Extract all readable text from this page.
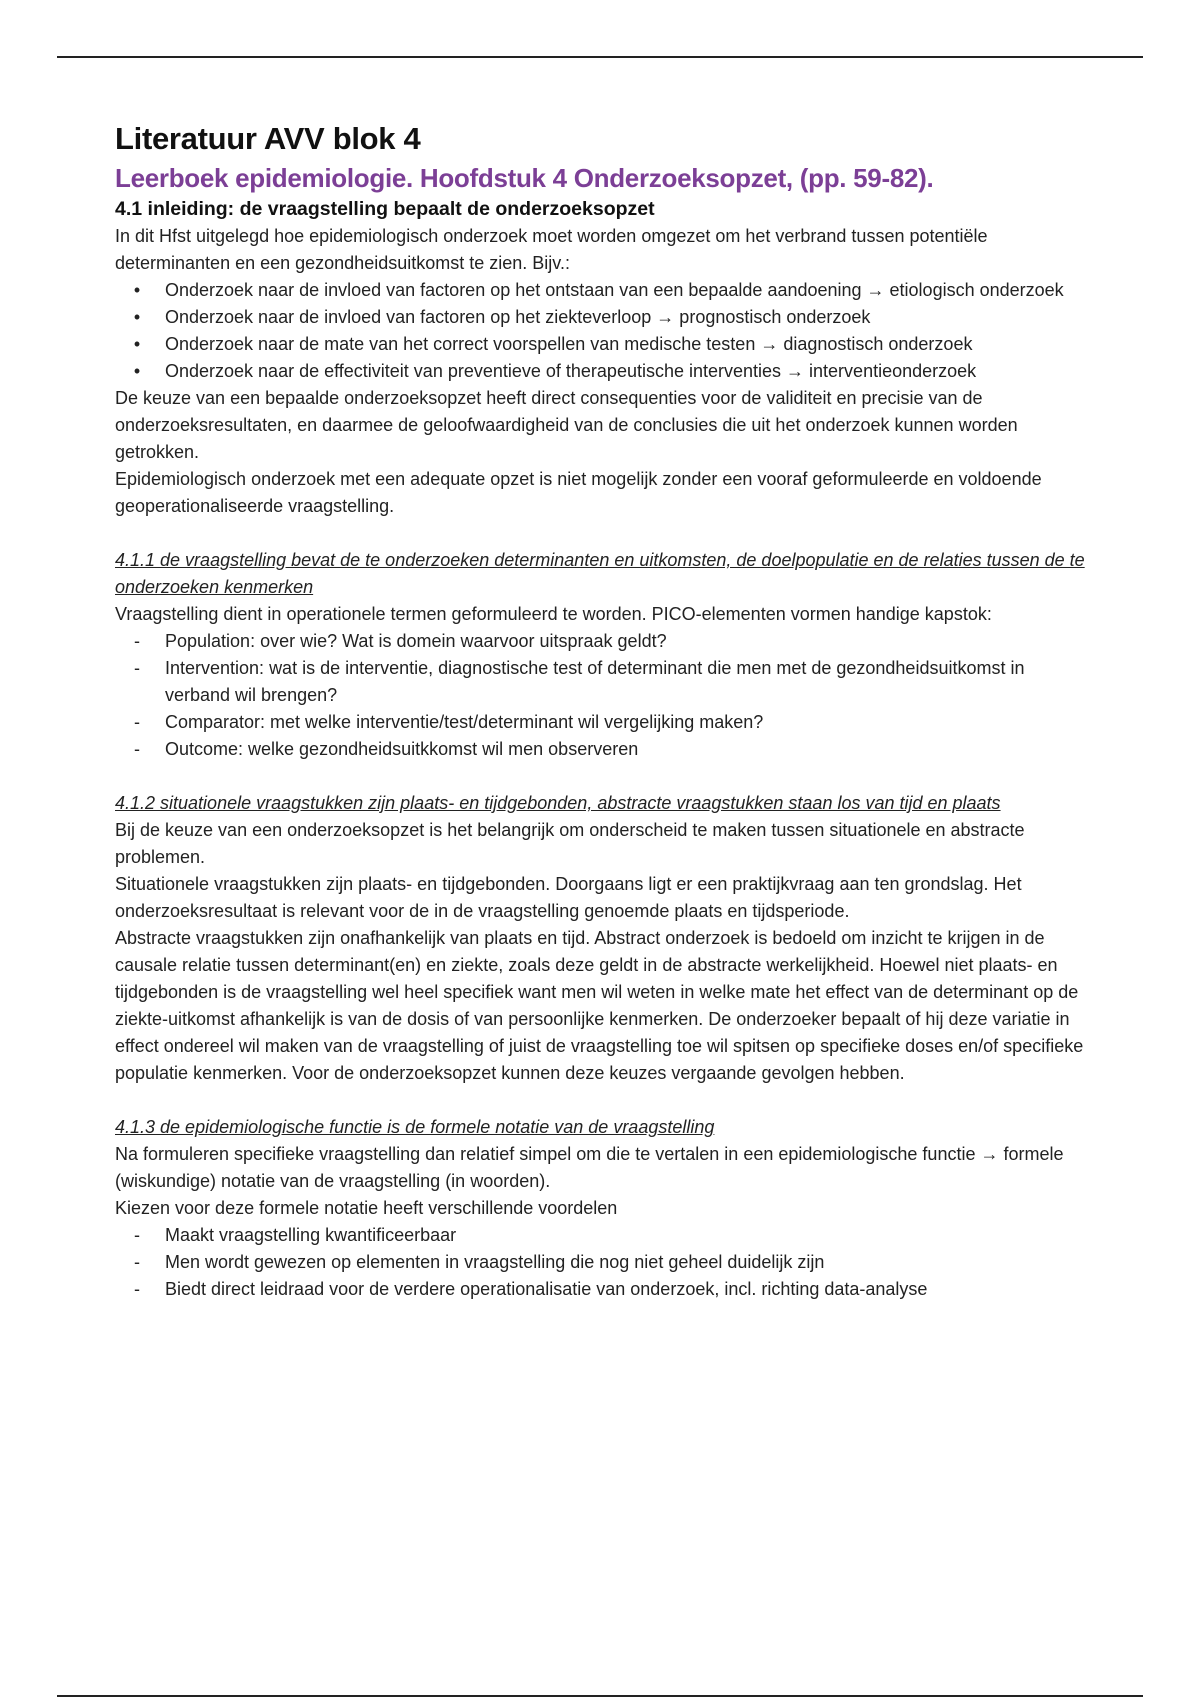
Literatuur AVV blok 4
Leerboek epidemiologie. Hoofdstuk 4 Onderzoeksopzet, (pp. 59-82).
4.1 inleiding: de vraagstelling bepaalt de onderzoeksopzet

In dit Hfst uitgelegd hoe epidemiologisch onderzoek moet worden omgezet om het verbrand tussen potentiële determinanten en een gezondheidsuitkomst te zien. Bijv.:

•	Onderzoek naar de invloed van factoren op het ontstaan van een bepaalde aandoening → etiologisch onderzoek
•	Onderzoek naar de invloed van factoren op het ziekteverloop → prognostisch onderzoek
•	Onderzoek naar de mate van het correct voorspellen van medische testen → diagnostisch onderzoek
•	Onderzoek naar de effectiviteit van preventieve of therapeutische interventies → interventieonderzoek

De keuze van een bepaalde onderzoeksopzet heeft direct consequenties voor de validiteit en precisie van de onderzoeksresultaten, en daarmee de geloofwaardigheid van de conclusies die uit het onderzoek kunnen worden getrokken.

Epidemiologisch onderzoek met een adequate opzet is niet mogelijk zonder een vooraf geformuleerde en voldoende geoperationaliseerde vraagstelling.

4.1.1 de vraagstelling bevat de te onderzoeken determinanten en uitkomsten, de doelpopulatie en de relaties tussen de te onderzoeken kenmerken

Vraagstelling dient in operationele termen geformuleerd te worden. PICO-elementen vormen handige kapstok:

-	Population: over wie? Wat is domein waarvoor uitspraak geldt?
-	Intervention: wat is de interventie, diagnostische test of determinant die men met de gezondheidsuitkomst in verband wil brengen?
-	Comparator: met welke interventie/test/determinant wil vergelijking maken?
-	Outcome: welke gezondheidsuitkkomst wil men observeren

4.1.2 situationele vraagstukken zijn plaats- en tijdgebonden, abstracte vraagstukken staan los van tijd en plaats

Bij de keuze van een onderzoeksopzet is het belangrijk om onderscheid te maken tussen situationele en abstracte problemen.

Situationele vraagstukken zijn plaats- en tijdgebonden. Doorgaans ligt er een praktijkvraag aan ten grondslag. Het onderzoeksresultaat is relevant voor de in de vraagstelling genoemde plaats en tijdsperiode.

Abstracte vraagstukken zijn onafhankelijk van plaats en tijd. Abstract onderzoek is bedoeld om inzicht te krijgen in de causale relatie tussen determinant(en) en ziekte, zoals deze geldt in de abstracte werkelijkheid. Hoewel niet plaats- en tijdgebonden is de vraagstelling wel heel specifiek want men wil weten in welke mate het effect van de determinant op de ziekte-uitkomst afhankelijk is van de dosis of van persoonlijke kenmerken. De onderzoeker bepaalt of hij deze variatie in effect ondereel wil maken van de vraagstelling of juist de vraagstelling toe wil spitsen op specifieke doses en/of specifieke populatie kenmerken. Voor de onderzoeksopzet kunnen deze keuzes vergaande gevolgen hebben.

4.1.3 de epidemiologische functie is de formele notatie van de vraagstelling

Na formuleren specifieke vraagstelling dan relatief simpel om die te vertalen in een epidemiologische functie → formele (wiskundige) notatie van de vraagstelling (in woorden).

Kiezen voor deze formele notatie heeft verschillende voordelen

-	Maakt vraagstelling kwantificeerbaar
-	Men wordt gewezen op elementen in vraagstelling die nog niet geheel duidelijk zijn
-	Biedt direct leidraad voor de verdere operationalisatie van onderzoek, incl. richting data-analyse
